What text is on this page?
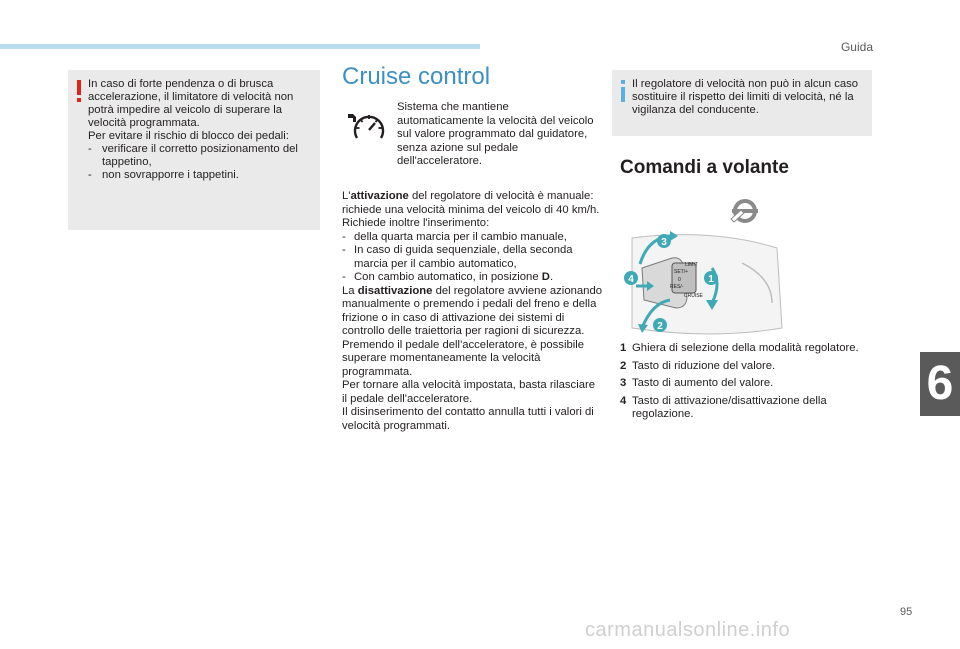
Guida
6

In caso di forte pendenza o di brusca accelerazione, il limitatore di velocità non potrà impedire al veicolo di superare la velocità programmata.

Per evitare il rischio di blocco dei pedali:

- verificare il corretto posizionamento del tappetino,
- non sovrapporre i tappetini.
Cruise control

Sistema che mantiene automaticamente la velocità del veicolo sul valore programmato dal guidatore, senza azione sul pedale dell'acceleratore.

L'attivazione del regolatore di velocità è manuale: richiede una velocità minima del veicolo di 40 km/h.

Richiede inoltre l'inserimento:

- della quarta marcia per il cambio manuale,
- In caso di guida sequenziale, della seconda marcia per il cambio automatico,
- Con cambio automatico, in posizione D.

La disattivazione del regolatore avviene azionando manualmente o premendo i pedali del freno e della frizione o in caso di attivazione dei sistemi di controllo delle traiettoria per ragioni di sicurezza.

Premendo il pedale dell'acceleratore, è possibile superare momentaneamente la velocità programmata.

Per tornare alla velocità impostata, basta rilasciare il pedale dell'acceleratore.

Il disinserimento del contatto annulla tutti i valori di velocità programmati.

Il regolatore di velocità non può in alcun caso sostituire il rispetto dei limiti di velocità, né la vigilanza del conducente.

Comandi a volante
SET/+
RES/-
LIMIT
CRUISE
0
3
1
4
2
1 Ghiera di selezione della modalità regolatore.
2 Tasto di riduzione del valore.
3 Tasto di aumento del valore.
4 Tasto di attivazione/disattivazione della regolazione.
95
carmanualsonline.info
